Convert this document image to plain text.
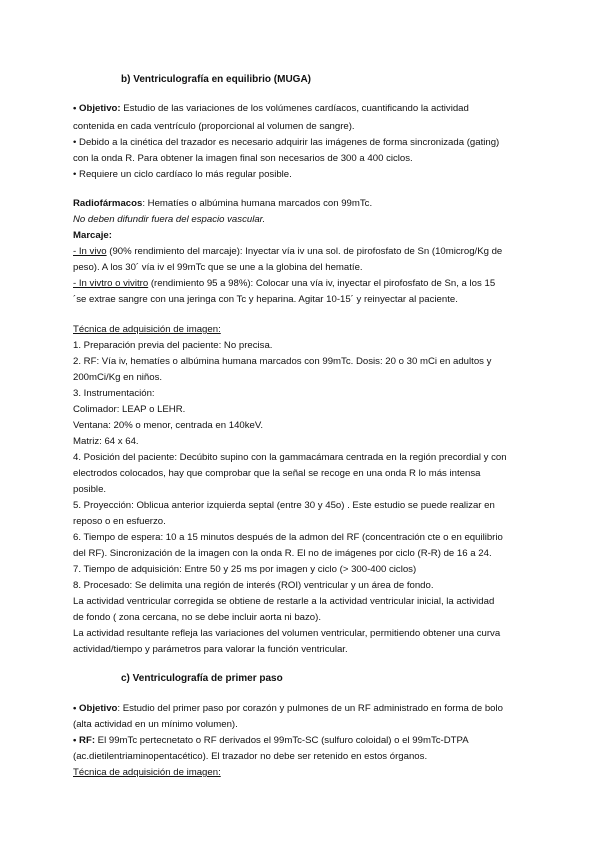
b) Ventriculografía en equilibrio (MUGA)
• Objetivo: Estudio de las variaciones de los volúmenes cardíacos, cuantificando la actividad
contenida en cada ventrículo (proporcional al volumen de sangre).
• Debido a la cinética del trazador es necesario adquirir las imágenes de forma sincronizada (gating)
con la onda R. Para obtener la imagen final son necesarios de 300 a 400 ciclos.
• Requiere un ciclo cardíaco lo más regular posible.
Radiofármacos: Hematíes o albúmina humana marcados con 99mTc.
No deben difundir fuera del espacio vascular.
Marcaje:
- In vivo (90% rendimiento del marcaje): Inyectar vía iv una sol. de pirofosfato de Sn (10microg/Kg de
peso). A los 30´ vía iv el 99mTc que se une a la globina del hematíe.
- In vivtro o vivitro (rendimiento 95 a 98%): Colocar una vía iv, inyectar el pirofosfato de Sn, a los 15
´se extrae sangre con una jeringa con Tc y heparina. Agitar 10-15´ y reinyectar al paciente.
Técnica de adquisición de imagen:
1. Preparación previa del paciente: No precisa.
2. RF: Vía iv, hematíes o albúmina humana marcados con 99mTc. Dosis: 20 o 30 mCi en adultos y
200mCi/Kg en niños.
3. Instrumentación:
Colimador: LEAP o LEHR.
Ventana: 20% o menor, centrada en 140keV.
Matriz: 64 x 64.
4. Posición del paciente: Decúbito supino con la gammacámara centrada en la región precordial y con
electrodos colocados, hay que comprobar que la señal se recoge en una onda R lo más intensa
posible.
5. Proyección: Oblicua anterior izquierda septal (entre 30 y 45o) . Este estudio se puede realizar en
reposo o en esfuerzo.
6. Tiempo de espera: 10 a 15 minutos después de la admon del RF (concentración cte o en equilibrio
del RF). Sincronización de la imagen con la onda R. El no de imágenes por ciclo (R-R) de 16 a 24.
7. Tiempo de adquisición: Entre 50 y 25 ms por imagen y ciclo (> 300-400 ciclos)
8. Procesado: Se delimita una región de interés (ROI) ventricular y un área de fondo.
La actividad ventricular corregida se obtiene de restarle a la actividad ventricular inicial, la actividad
de fondo ( zona cercana, no se debe incluir aorta ni bazo).
La actividad resultante refleja las variaciones del volumen ventricular, permitiendo obtener una curva
actividad/tiempo y parámetros para valorar la función ventricular.
c) Ventriculografía de primer paso
• Objetivo: Estudio del primer paso por corazón y pulmones de un RF administrado en forma de bolo
(alta actividad en un mínimo volumen).
• RF: El 99mTc pertecnetato o RF derivados el 99mTc-SC (sulfuro coloidal) o el 99mTc-DTPA
(ac.dietilentriaminopentacético). El trazador no debe ser retenido en estos órganos.
Técnica de adquisición de imagen:
